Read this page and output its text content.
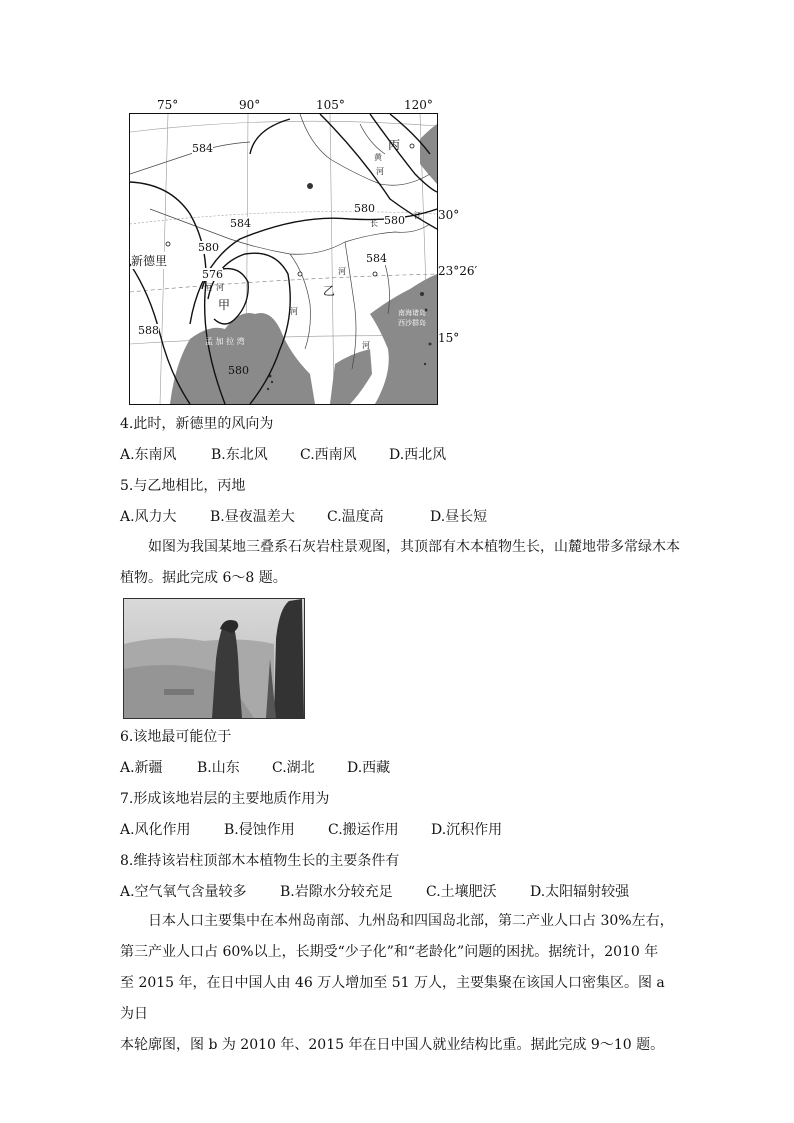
75°	90°	105°	120°
30°
23°26′
15°
584
584
584
580
580
580
576
588
580
新德里
甲
乙
丙
孟 加 拉 湾
南海诸岛
西沙群岛
黄
河
长
江
河
恒 河
河
河
4.此时，新德里的风向为
A.东南风 B.东北风 C.西南风 D.西北风
5.与乙地相比，丙地
A.风力大 B.昼夜温差大 C.温度高	D.昼长短

如图为我国某地三叠系石灰岩柱景观图，其顶部有木本植物生长，山麓地带多常绿木本

植物。据此完成 6～8 题。

6.该地最可能位于
A.新疆 B.山东 C.湖北 D.西藏
7.形成该地岩层的主要地质作用为
A.风化作用 B.侵蚀作用 C.搬运作用 D.沉积作用
8.维持该岩柱顶部木本植物生长的主要条件有
A.空气氧气含量较多 B.岩隙水分较充足 C.土壤肥沃 D.太阳辐射较强

日本人口主要集中在本州岛南部、九州岛和四国岛北部，第二产业人口占 30%左右，

第三产业人口占 60%以上，长期受“少子化”和“老龄化”问题的困扰。据统计，2010 年

至 2015 年，在日中国人由 46 万人增加至 51 万人，主要集聚在该国人口密集区。图 a 为日

本轮廓图，图 b 为 2010 年、2015 年在日中国人就业结构比重。据此完成 9～10 题。
